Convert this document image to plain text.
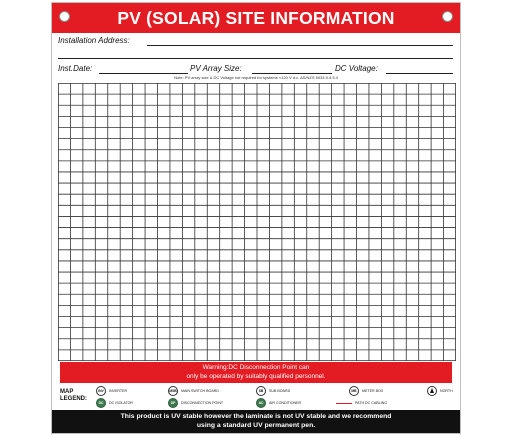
PV (SOLAR) SITE INFORMATION
Installation Address:
Inst.Date:	PV Array Size:	DC Voltage:
Note: PV array size & DC Voltage not required for systems <120 V d.c. AS/NZS 5033.5.4.5.4
Warning:DC Disconnection Point can
only be operated by suitably qualified personnel.
MAP
LEGEND:
INV	INVERTER	MSB	MAIN SWITCH BOARD	SB	SUB BOARD	MB	METER BOX	NORTH
DC	DC ISOLATOR	DP	DISCONNECTION POINT	AC	AIR CONDITIONER	PATH DC CABLING
This product is UV stable however the laminate is not UV stable and we recommend
using a standard UV permanent pen.
